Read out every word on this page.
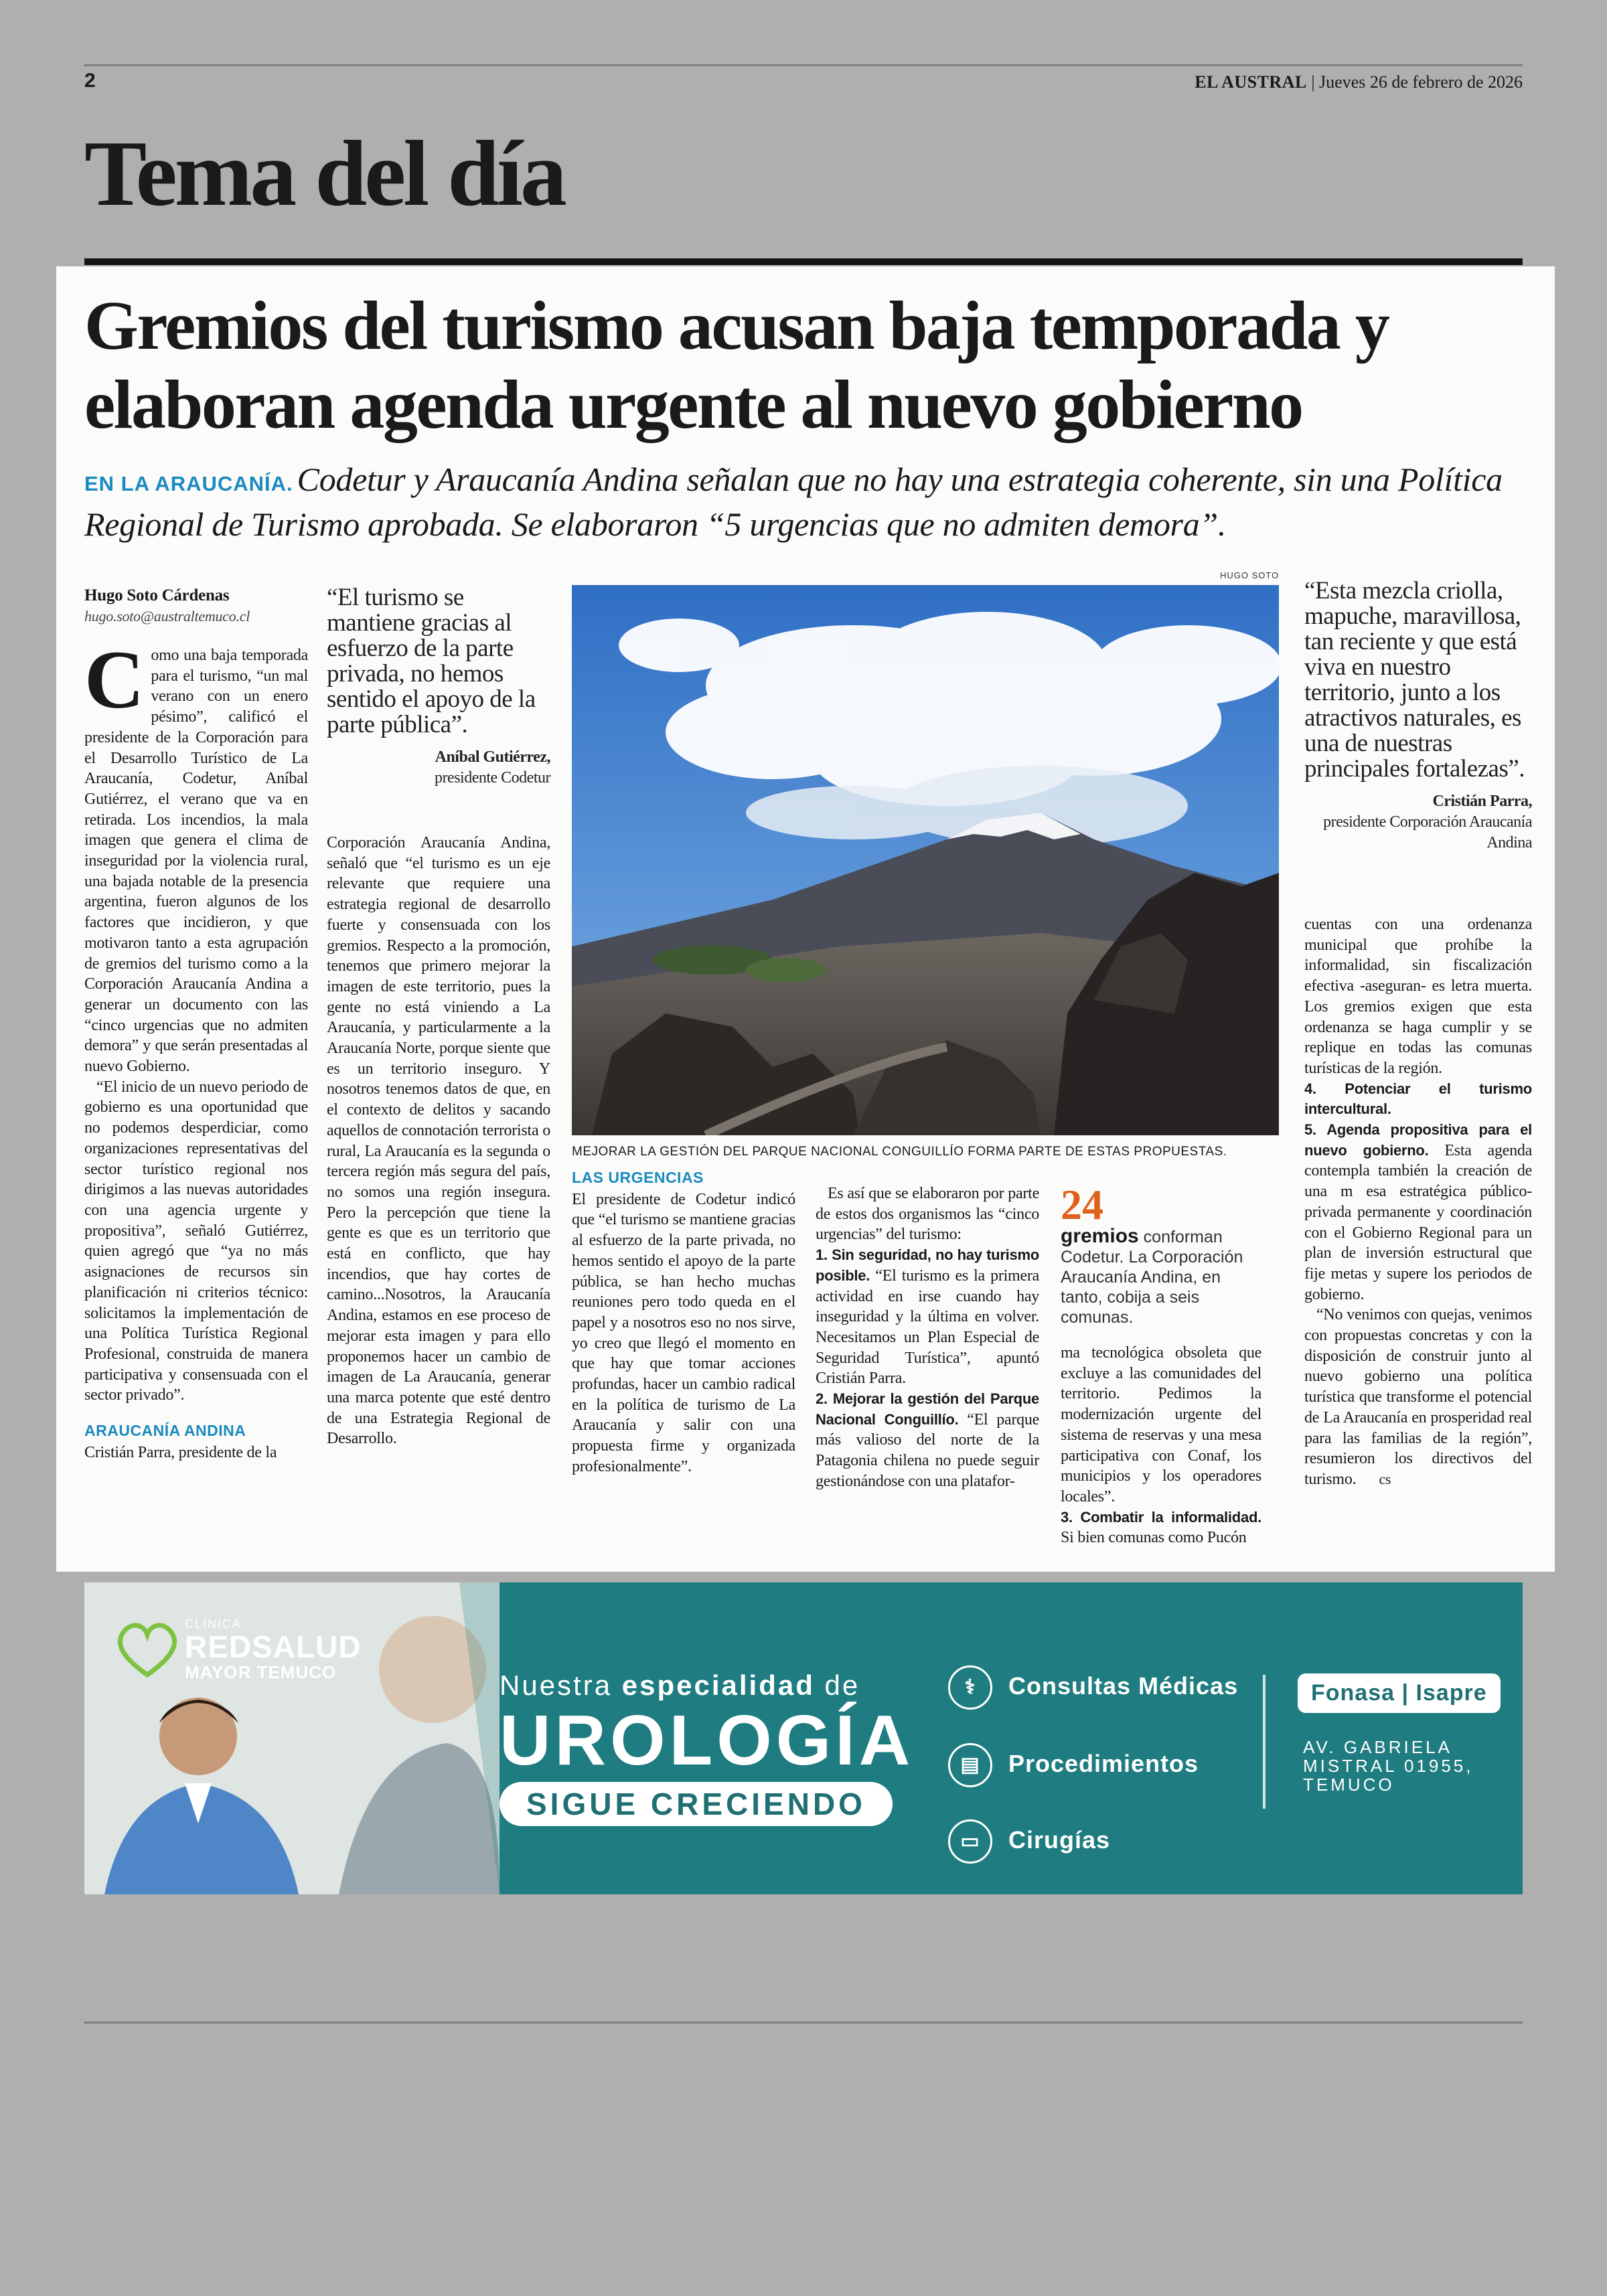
2	EL AUSTRAL | Jueves 26 de febrero de 2026
Tema del día
Gremios del turismo acusan baja temporada y elaboran agenda urgente al nuevo gobierno
EN LA ARAUCANÍA. Codetur y Araucanía Andina señalan que no hay una estrategia coherente, sin una Política Regional de Turismo aprobada. Se elaboraron “5 urgencias que no admiten demora”.
Hugo Soto Cárdenas
hugo.soto@australtemuco.cl

Como una baja temporada para el turismo, “un mal verano con un enero pésimo”, calificó el presidente de la Corporación para el Desarrollo Turístico de La Araucanía, Codetur, Aníbal Gutiérrez, el verano que va en retirada. Los incendios, la mala imagen que genera el clima de inseguridad por la violencia rural, una bajada notable de la presencia argentina, fueron algunos de los factores que incidieron, y que motivaron tanto a esta agrupación de gremios del turismo como a la Corporación Araucanía Andina a generar un documento con las “cinco urgencias que no admiten demora” y que serán presentadas al nuevo Gobierno.

“El inicio de un nuevo periodo de gobierno es una oportunidad que no podemos desperdiciar, como organizaciones representativas del sector turístico regional nos dirigimos a las nuevas autoridades con una agencia urgente y propositiva”, señaló Gutiérrez, quien agregó que “ya no más asignaciones de recursos sin planificación ni criterios técnico: solicitamos la implementación de una Política Turística Regional Profesional, construida de manera participativa y consensuada con el sector privado”.

ARAUCANÍA ANDINA

Cristián Parra, presidente de la

“El turismo se mantiene gracias al esfuerzo de la parte privada, no hemos sentido el apoyo de la parte pública”.
Aníbal Gutiérrez,
presidente Codetur

Corporación Araucanía Andina, señaló que “el turismo es un eje relevante que requiere una estrategia regional de desarrollo fuerte y consensuada con los gremios. Respecto a la promoción, tenemos que primero mejorar la imagen de este territorio, pues la gente no está viniendo a La Araucanía, y particularmente a la Araucanía Norte, porque siente que es un territorio inseguro. Y nosotros tenemos datos de que, en el contexto de delitos y sacando aquellos de connotación terrorista o rural, La Araucanía es la segunda o tercera región más segura del país, no somos una región insegura. Pero la percepción que tiene la gente es que es un territorio que está en conflicto, que hay incendios, que hay cortes de camino...Nosotros, la Araucanía Andina, estamos en ese proceso de mejorar esta imagen y para ello proponemos hacer un cambio de imagen de La Araucanía, generar una marca potente que esté dentro de una Estrategia Regional de Desarrollo.

HUGO SOTO
MEJORAR LA GESTIÓN DEL PARQUE NACIONAL CONGUILLÍO FORMA PARTE DE ESTAS PROPUESTAS.
LAS URGENCIAS

El presidente de Codetur indicó que “el turismo se mantiene gracias al esfuerzo de la parte privada, no hemos sentido el apoyo de la parte pública, se han hecho muchas reuniones pero todo queda en el papel y a nosotros eso no nos sirve, yo creo que llegó el momento en que hay que tomar acciones profundas, hacer un cambio radical en la política de turismo de La Araucanía y salir con una propuesta firme y organizada profesionalmente”.

Es así que se elaboraron por parte de estos dos organismos las “cinco urgencias” del turismo:

1. Sin seguridad, no hay turismo posible. “El turismo es la primera actividad en irse cuando hay inseguridad y la última en volver. Necesitamos un Plan Especial de Seguridad Turística”, apuntó Cristián Parra.

2. Mejorar la gestión del Parque Nacional Conguillío. “El parque más valioso del norte de la Patagonia chilena no puede seguir gestionándose con una platafor-

24
gremios conforman Codetur. La Corporación Araucanía Andina, en tanto, cobija a seis comunas.

ma tecnológica obsoleta que excluye a las comunidades del territorio. Pedimos la modernización urgente del sistema de reservas y una mesa participativa con Conaf, los municipios y los operadores locales”.

3. Combatir la informalidad. Si bien comunas como Pucón

“Esta mezcla criolla, mapuche, maravillosa, tan reciente y que está viva en nuestro territorio, junto a los atractivos naturales, es una de nuestras principales fortalezas”.
Cristián Parra,
presidente Corporación Araucanía Andina

cuentas con una ordenanza municipal que prohíbe la informalidad, sin fiscalización efectiva -aseguran- es letra muerta. Los gremios exigen que esta ordenanza se haga cumplir y se replique en todas las comunas turísticas de la región.

4. Potenciar el turismo intercultural.

5. Agenda propositiva para el nuevo gobierno. Esta agenda contempla también la creación de una m esa estratégica público-privada permanente y coordinación con el Gobierno Regional para un plan de inversión estructural que fije metas y supere los periodos de gobierno.

“No venimos con quejas, venimos con propuestas concretas y con la disposición de construir junto al nuevo gobierno una política turística que transforme el potencial de La Araucanía en prosperidad real para las familias de la región”, resumieron los directivos del turismo. cs

CLÍNICA
REDSALUD
MAYOR TEMUCO	Nuestra especialidad de
UROLOGÍA
SIGUE CRECIENDO
⚕ Consultas Médicas
▤ Procedimientos
▭ Cirugías
Fonasa | Isapre
AV. GABRIELA
MISTRAL 01955,
TEMUCO
